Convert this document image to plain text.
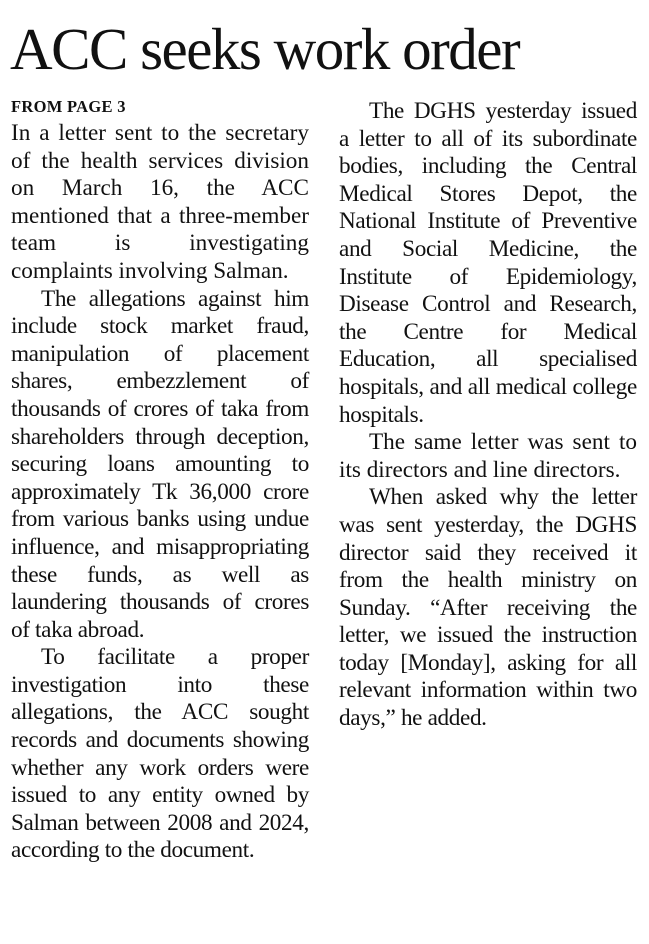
ACC seeks work order
FROM PAGE 3

In a letter sent to the secretary of the health services division on March 16, the ACC mentioned that a three-member team is investigating complaints involving Salman.

The allegations against him include stock market fraud, manipulation of placement shares, embezzlement of thousands of crores of taka from shareholders through deception, securing loans amounting to approximately Tk 36,000 crore from various banks using undue influence, and misappropriating these funds, as well as laundering thousands of crores of taka abroad.

To facilitate a proper investigation into these allegations, the ACC sought records and documents showing whether any work orders were issued to any entity owned by Salman between 2008 and 2024, according to the document.

The DGHS yesterday issued a letter to all of its subordinate bodies, including the Central Medical Stores Depot, the National Institute of Preventive and Social Medicine, the Institute of Epidemiology, Disease Control and Research, the Centre for Medical Education, all specialised hospitals, and all medical college hospitals.

The same letter was sent to its directors and line directors.

When asked why the letter was sent yesterday, the DGHS director said they received it from the health ministry on Sunday. “After receiving the letter, we issued the instruction today [Monday], asking for all relevant information within two days,” he added.
